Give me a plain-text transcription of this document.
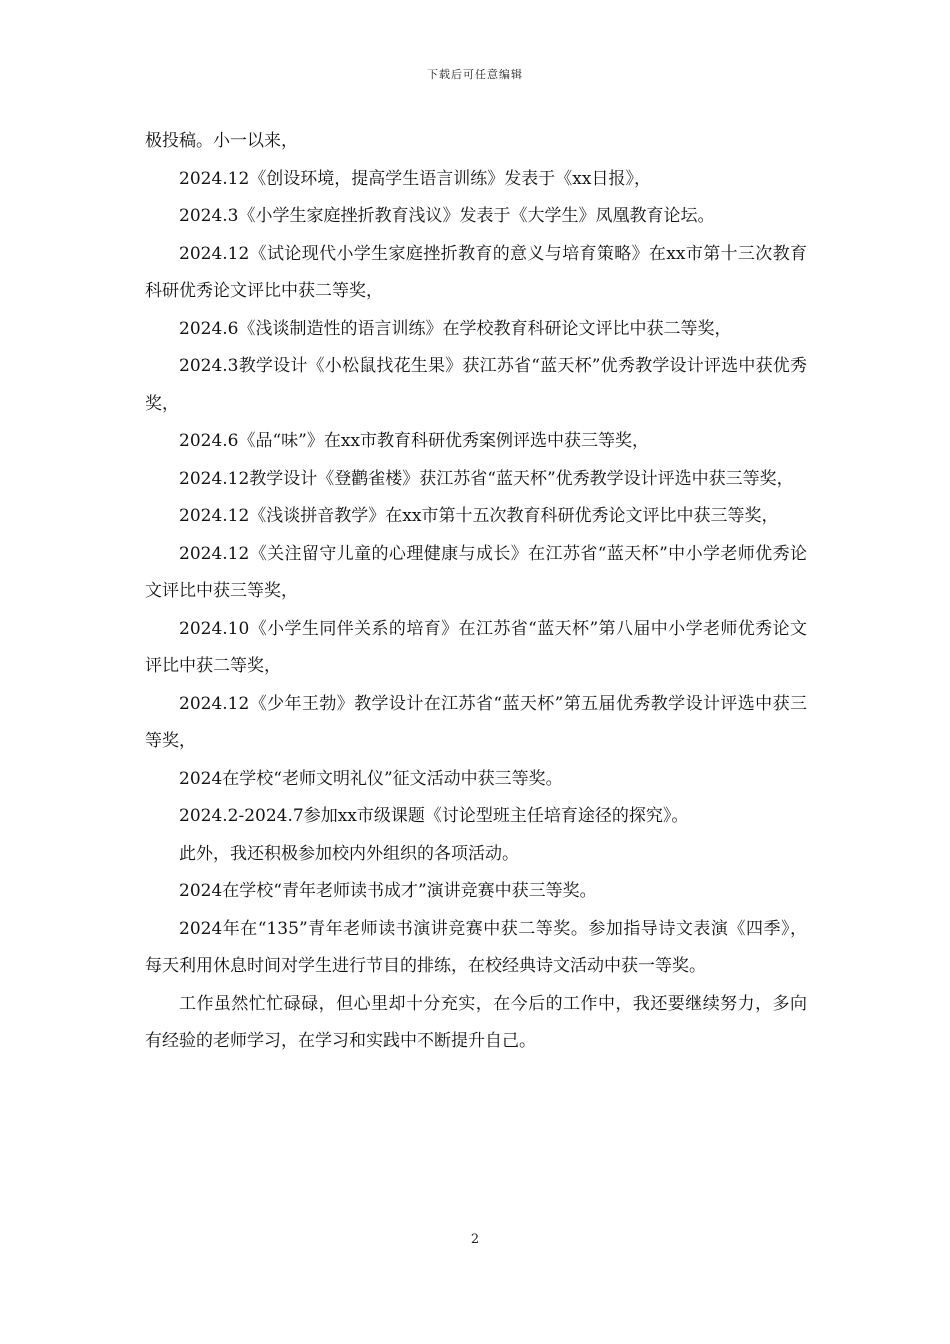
下载后可任意编辑

极投稿。小一以来，

2024.12《创设环境，提高学生语言训练》发表于《xx日报》，

2024.3《小学生家庭挫折教育浅议》发表于《大学生》凤凰教育论坛。

2024.12《试论现代小学生家庭挫折教育的意义与培育策略》在xx市第十三次教育科研优秀论文评比中获二等奖，

2024.6《浅谈制造性的语言训练》在学校教育科研论文评比中获二等奖，

2024.3教学设计《小松鼠找花生果》获江苏省“蓝天杯”优秀教学设计评选中获优秀奖，

2024.6《品“味”》在xx市教育科研优秀案例评选中获三等奖，

2024.12教学设计《登鹳雀楼》获江苏省“蓝天杯”优秀教学设计评选中获三等奖，

2024.12《浅谈拼音教学》在xx市第十五次教育科研优秀论文评比中获三等奖，

2024.12《关注留守儿童的心理健康与成长》在江苏省“蓝天杯”中小学老师优秀论文评比中获三等奖，

2024.10《小学生同伴关系的培育》在江苏省“蓝天杯”第八届中小学老师优秀论文评比中获二等奖，

2024.12《少年王勃》教学设计在江苏省“蓝天杯”第五届优秀教学设计评选中获三等奖，

2024在学校“老师文明礼仪”征文活动中获三等奖。

2024.2-2024.7参加xx市级课题《讨论型班主任培育途径的探究》。

此外，我还积极参加校内外组织的各项活动。

2024在学校“青年老师读书成才”演讲竞赛中获三等奖。

2024年在“135”青年老师读书演讲竞赛中获二等奖。参加指导诗文表演《四季》，每天利用休息时间对学生进行节目的排练，在校经典诗文活动中获一等奖。

工作虽然忙忙碌碌，但心里却十分充实，在今后的工作中，我还要继续努力，多向有经验的老师学习，在学习和实践中不断提升自己。

2
